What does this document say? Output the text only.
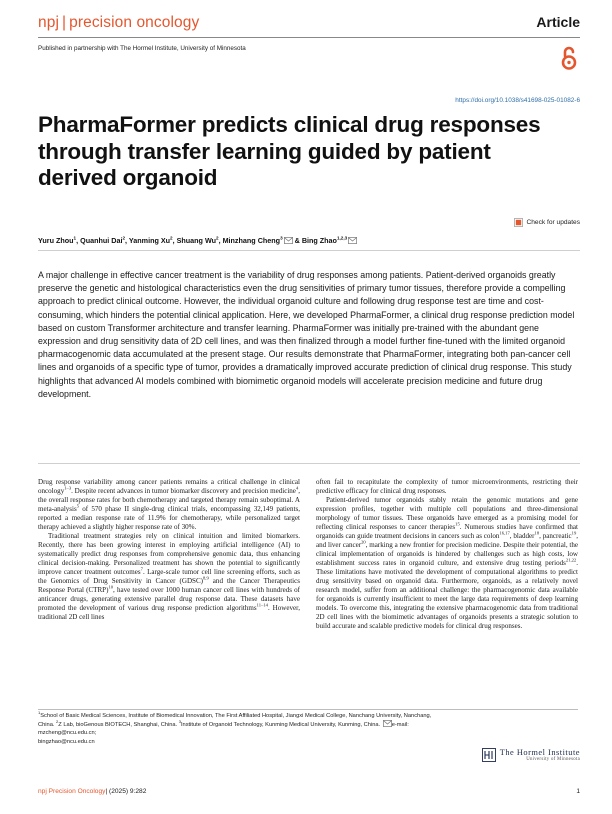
npj | precision oncology	Article
Published in partnership with The Hormel Institute, University of Minnesota
https://doi.org/10.1038/s41698-025-01082-6
PharmaFormer predicts clinical drug responses through transfer learning guided by patient derived organoid
Check for updates
Yuru Zhou$^1$, Quanhui Dai$^2$, Yanming Xu$^2$, Shuang Wu$^2$, Minzhang Cheng$^3$ & Bing Zhao$^{1,2,3}$
A major challenge in effective cancer treatment is the variability of drug responses among patients. Patient-derived organoids greatly preserve the genetic and histological characteristics even the drug sensitivities of primary tumor tissues, therefore provide a compelling approach to predict clinical outcome. However, the individual organoid culture and following drug response test are time and cost-consuming, which hinders the potential clinical application. Here, we developed PharmaFormer, a clinical drug response prediction model based on custom Transformer architecture and transfer learning. PharmaFormer was initially pre-trained with the abundant gene expression and drug sensitivity data of 2D cell lines, and was then finalized through a model further fine-tuned with the limited organoid pharmacogenomic data accumulated at the present stage. Our results demonstrate that PharmaFormer, integrating both pan-cancer cell lines and organoids of a specific type of tumor, provides a dramatically improved accurate prediction of clinical drug response. This study highlights that advanced AI models combined with biomimetic organoid models will accelerate precision medicine and future drug development.

Drug response variability among cancer patients remains a critical challenge in clinical oncology$^{1-3}$. Despite recent advances in tumor biomarker discovery and precision medicine$^4$, the overall response rates for both chemotherapy and targeted therapy remain suboptimal. A meta-analysis$^5$ of 570 phase II single-drug clinical trials, encompassing 32,149 patients, reported a median response rate of 11.9% for chemotherapy, while personalized target therapy achieved a slightly higher response rate of 30%.

Traditional treatment strategies rely on clinical intuition and limited biomarkers. Recently, there has been growing interest in employing artificial intelligence (AI) to systematically predict drug responses from comprehensive genomic data, thus enhancing clinical decision-making. Personalized treatment has shown the potential to significantly improve cancer treatment outcomes$^7$. Large-scale tumor cell line screening efforts, such as the Genomics of Drug Sensitivity in Cancer (GDSC)$^{8,9}$ and the Cancer Therapeutics Response Portal (CTRP)$^{10}$, have tested over 1000 human cancer cell lines with hundreds of anticancer drugs, generating extensive parallel drug response data. These datasets have promoted the development of various drug response prediction algorithms$^{11-14}$. However, traditional 2D cell lines

often fail to recapitulate the complexity of tumor microenvironments, restricting their predictive efficacy for clinical drug responses.

Patient-derived tumor organoids stably retain the genomic mutations and gene expression profiles, together with multiple cell populations and three-dimensional morphology of tumor tissues. These organoids have emerged as a promising model for reflecting clinical responses to cancer therapies$^{15}$. Numerous studies have confirmed that organoids can guide treatment decisions in cancers such as colon$^{16,17}$, bladder$^{18}$, pancreatic$^{19}$, and liver cancer$^{20}$, marking a new frontier for precision medicine. Despite their potential, the clinical implementation of organoids is hindered by challenges such as high costs, low establishment success rates in organoid culture, and extensive drug testing periods$^{21,22}$. These limitations have motivated the development of computational algorithms to predict drug sensitivity based on organoid data. Furthermore, organoids, as a relatively novel research model, suffer from an additional challenge: the pharmacogenomic data available for organoids is currently insufficient to meet the large data requirements of deep learning models. To overcome this, integrating the extensive pharmacogenomic data from traditional 2D cell lines with the biomimetic advantages of organoids presents a strategic solution to build accurate and scalable predictive models for clinical drug responses.

$^1$School of Basic Medical Sciences, Institute of Biomedical Innovation, The First Affiliated Hospital, Jiangxi Medical College, Nanchang University, Nanchang, China. $^2$Z Lab, bioGenous BIOTECH, Shanghai, China. $^3$Institute of Organoid Technology, Kunming Medical University, Kunming, China. e-mail: mzcheng@ncu.edu.cn;
bingzhao@ncu.edu.cn
The Hormel Institute
University of Minnesota
npj Precision Oncology| (2025) 9:282	1
